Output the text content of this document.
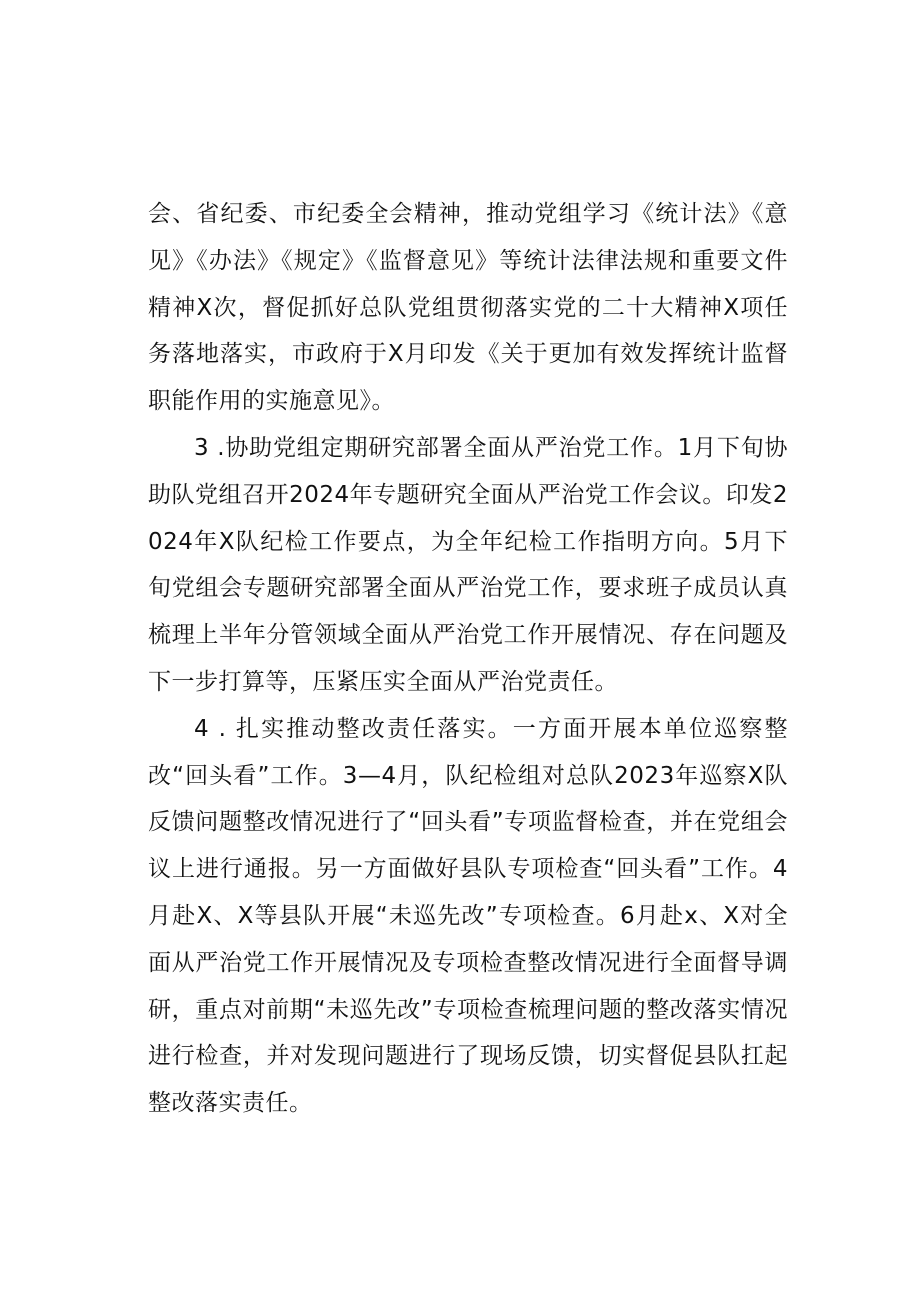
会、省纪委、市纪委全会精神，推动党组学习《统计法》《意见》《办法》《规定》《监督意见》等统计法律法规和重要文件精神X次，督促抓好总队党组贯彻落实党的二十大精神X项任务落地落实，市政府于X月印发《关于更加有效发挥统计监督职能作用的实施意见》。

3 .协助党组定期研究部署全面从严治党工作。1月下旬协助队党组召开2024年专题研究全面从严治党工作会议。印发2024年X队纪检工作要点，为全年纪检工作指明方向。5月下旬党组会专题研究部署全面从严治党工作，要求班子成员认真梳理上半年分管领域全面从严治党工作开展情况、存在问题及下一步打算等，压紧压实全面从严治党责任。

4 . 扎实推动整改责任落实。一方面开展本单位巡察整改“回头看”工作。3—4月，队纪检组对总队2023年巡察X队反馈问题整改情况进行了“回头看”专项监督检查，并在党组会议上进行通报。另一方面做好县队专项检查“回头看”工作。4月赴X、X等县队开展“未巡先改”专项检查。6月赴x、X对全面从严治党工作开展情况及专项检查整改情况进行全面督导调研，重点对前期“未巡先改”专项检查梳理问题的整改落实情况进行检查，并对发现问题进行了现场反馈，切实督促县队扛起整改落实责任。
